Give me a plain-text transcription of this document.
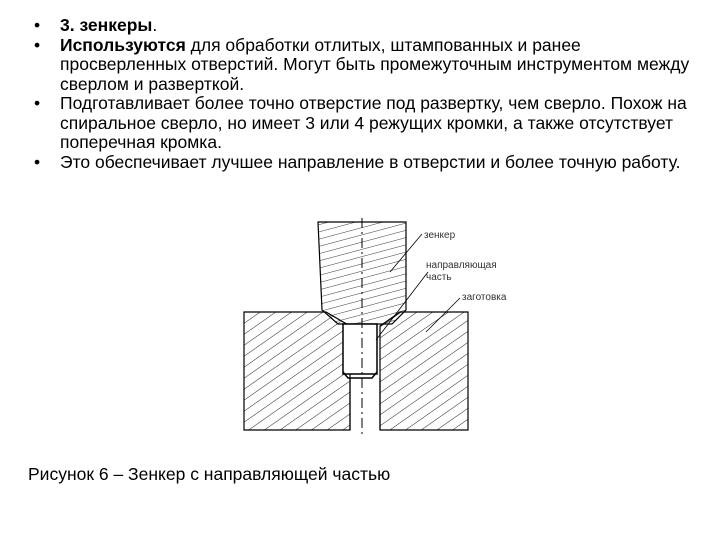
• 3. зенкеры.
• Используются для обработки отлитых, штампованных и ранее просверленных отверстий. Могут быть промежуточным инструментом между сверлом и разверткой.
• Подготавливает более точно отверстие под развертку, чем сверло. Похож на спиральное сверло, но имеет 3 или 4 режущих кромки, а также отсутствует поперечная кромка.
• Это обеспечивает лучшее направление в отверстии и более точную работу.
зенкер
направляющая
часть
заготовка
Рисунок 6 – Зенкер с направляющей частью
